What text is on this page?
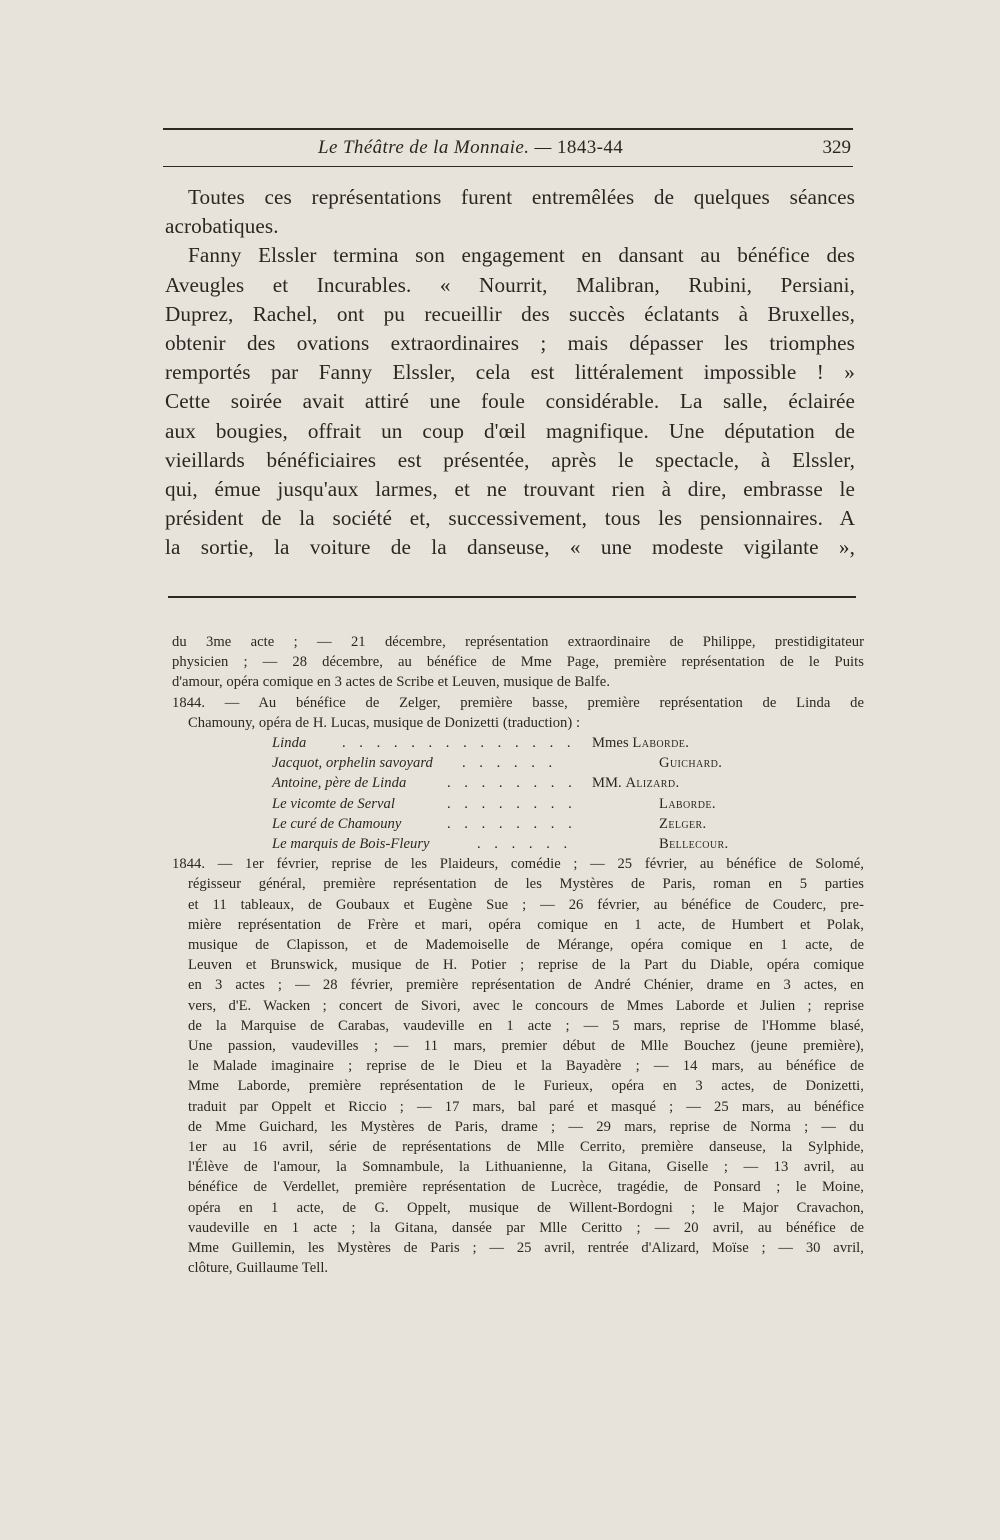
Le Théâtre de la Monnaie. — 1843-44	329
Toutes ces représentations furent entremêlées de quelques séances
acrobatiques.
Fanny Elssler termina son engagement en dansant au bénéfice des
Aveugles et Incurables. « Nourrit, Malibran, Rubini, Persiani,
Duprez, Rachel, ont pu recueillir des succès éclatants à Bruxelles,
obtenir des ovations extraordinaires ; mais dépasser les triomphes
remportés par Fanny Elssler, cela est littéralement impossible ! »
Cette soirée avait attiré une foule considérable. La salle, éclairée
aux bougies, offrait un coup d'œil magnifique. Une députation de
vieillards bénéficiaires est présentée, après le spectacle, à Elssler,
qui, émue jusqu'aux larmes, et ne trouvant rien à dire, embrasse le
président de la société et, successivement, tous les pensionnaires. A
la sortie, la voiture de la danseuse, « une modeste vigilante »,
du 3me acte ; — 21 décembre, représentation extraordinaire de Philippe, prestidigitateur
physicien ; — 28 décembre, au bénéfice de Mme Page, première représentation de le Puits
d'amour, opéra comique en 3 actes de Scribe et Leuven, musique de Balfe.
1844. — Au bénéfice de Zelger, première basse, première représentation de Linda de
Chamouny, opéra de H. Lucas, musique de Donizetti (traduction) :
Linda . . . . . . . . . . . . . . Mmes Laborde.
Jacquot, orphelin savoyard . . . . . .	Guichard.
Antoine, père de Linda	. . . . . . . . MM. Alizard.
Le vicomte de Serval	. . . . . . . .	Laborde.
Le curé de Chamouny	. . . . . . . .	Zelger.
Le marquis de Bois-Fleury	. . . . . .	Bellecour.
1844. — 1er février, reprise de les Plaideurs, comédie ; — 25 février, au bénéfice de Solomé,
régisseur général, première représentation de les Mystères de Paris, roman en 5 parties
et 11 tableaux, de Goubaux et Eugène Sue ; — 26 février, au bénéfice de Couderc, pre-
mière représentation de Frère et mari, opéra comique en 1 acte, de Humbert et Polak,
musique de Clapisson, et de Mademoiselle de Mérange, opéra comique en 1 acte, de
Leuven et Brunswick, musique de H. Potier ; reprise de la Part du Diable, opéra comique
en 3 actes ; — 28 février, première représentation de André Chénier, drame en 3 actes, en
vers, d'E. Wacken ; concert de Sivori, avec le concours de Mmes Laborde et Julien ; reprise
de la Marquise de Carabas, vaudeville en 1 acte ; — 5 mars, reprise de l'Homme blasé,
Une passion, vaudevilles ; — 11 mars, premier début de Mlle Bouchez (jeune première),
le Malade imaginaire ; reprise de le Dieu et la Bayadère ; — 14 mars, au bénéfice de
Mme Laborde, première représentation de le Furieux, opéra en 3 actes, de Donizetti,
traduit par Oppelt et Riccio ; — 17 mars, bal paré et masqué ; — 25 mars, au bénéfice
de Mme Guichard, les Mystères de Paris, drame ; — 29 mars, reprise de Norma ; — du
1er au 16 avril, série de représentations de Mlle Cerrito, première danseuse, la Sylphide,
l'Élève de l'amour, la Somnambule, la Lithuanienne, la Gitana, Giselle ; — 13 avril, au
bénéfice de Verdellet, première représentation de Lucrèce, tragédie, de Ponsard ; le Moine,
opéra en 1 acte, de G. Oppelt, musique de Willent-Bordogni ; le Major Cravachon,
vaudeville en 1 acte ; la Gitana, dansée par Mlle Ceritto ; — 20 avril, au bénéfice de
Mme Guillemin, les Mystères de Paris ; — 25 avril, rentrée d'Alizard, Moïse ; — 30 avril,
clôture, Guillaume Tell.
